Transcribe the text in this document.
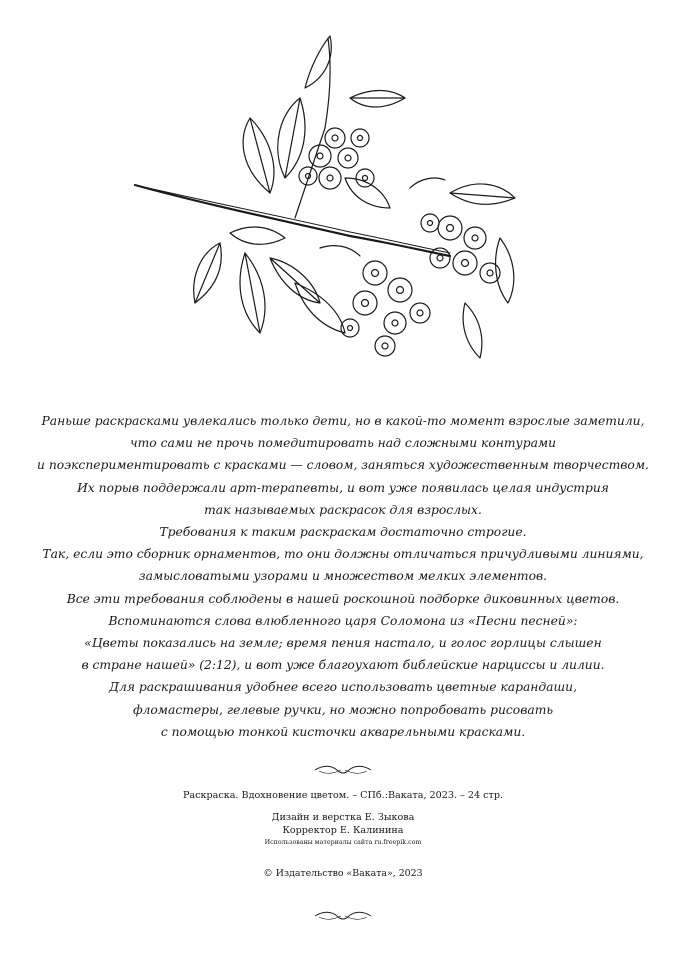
Раньше раскрасками увлекались только дети, но в какой-то момент взрослые заметили,
что сами не прочь помедитировать над сложными контурами
и поэкспериментировать с красками — словом, заняться художественным творчеством.
Их порыв поддержали арт-терапевты, и вот уже появилась целая индустрия
так называемых раскрасок для взрослых.
Требования к таким раскраскам достаточно строгие.
Так, если это сборник орнаментов, то они должны отличаться причудливыми линиями,
замысловатыми узорами и множеством мелких элементов.
Все эти требования соблюдены в нашей роскошной подборке диковинных цветов.
Вспоминаются слова влюбленного царя Соломона из «Песни песней»:
«Цветы показались на земле; время пения настало, и голос горлицы слышен
в стране нашей» (2:12), и вот уже благоухают библейские нарциссы и лилии.
Для раскрашивания удобнее всего использовать цветные карандаши,
фломастеры, гелевые ручки, но можно попробовать рисовать
с помощью тонкой кисточки акварельными красками.
Раскраска. Вдохновение цветом. – СПб.:Ваката, 2023. – 24 стр.
Дизайн и верстка Е. Зыкова
Корректор Е. Калинина
Использованы материалы сайта ru.freepik.com
© Издательство «Ваката», 2023
